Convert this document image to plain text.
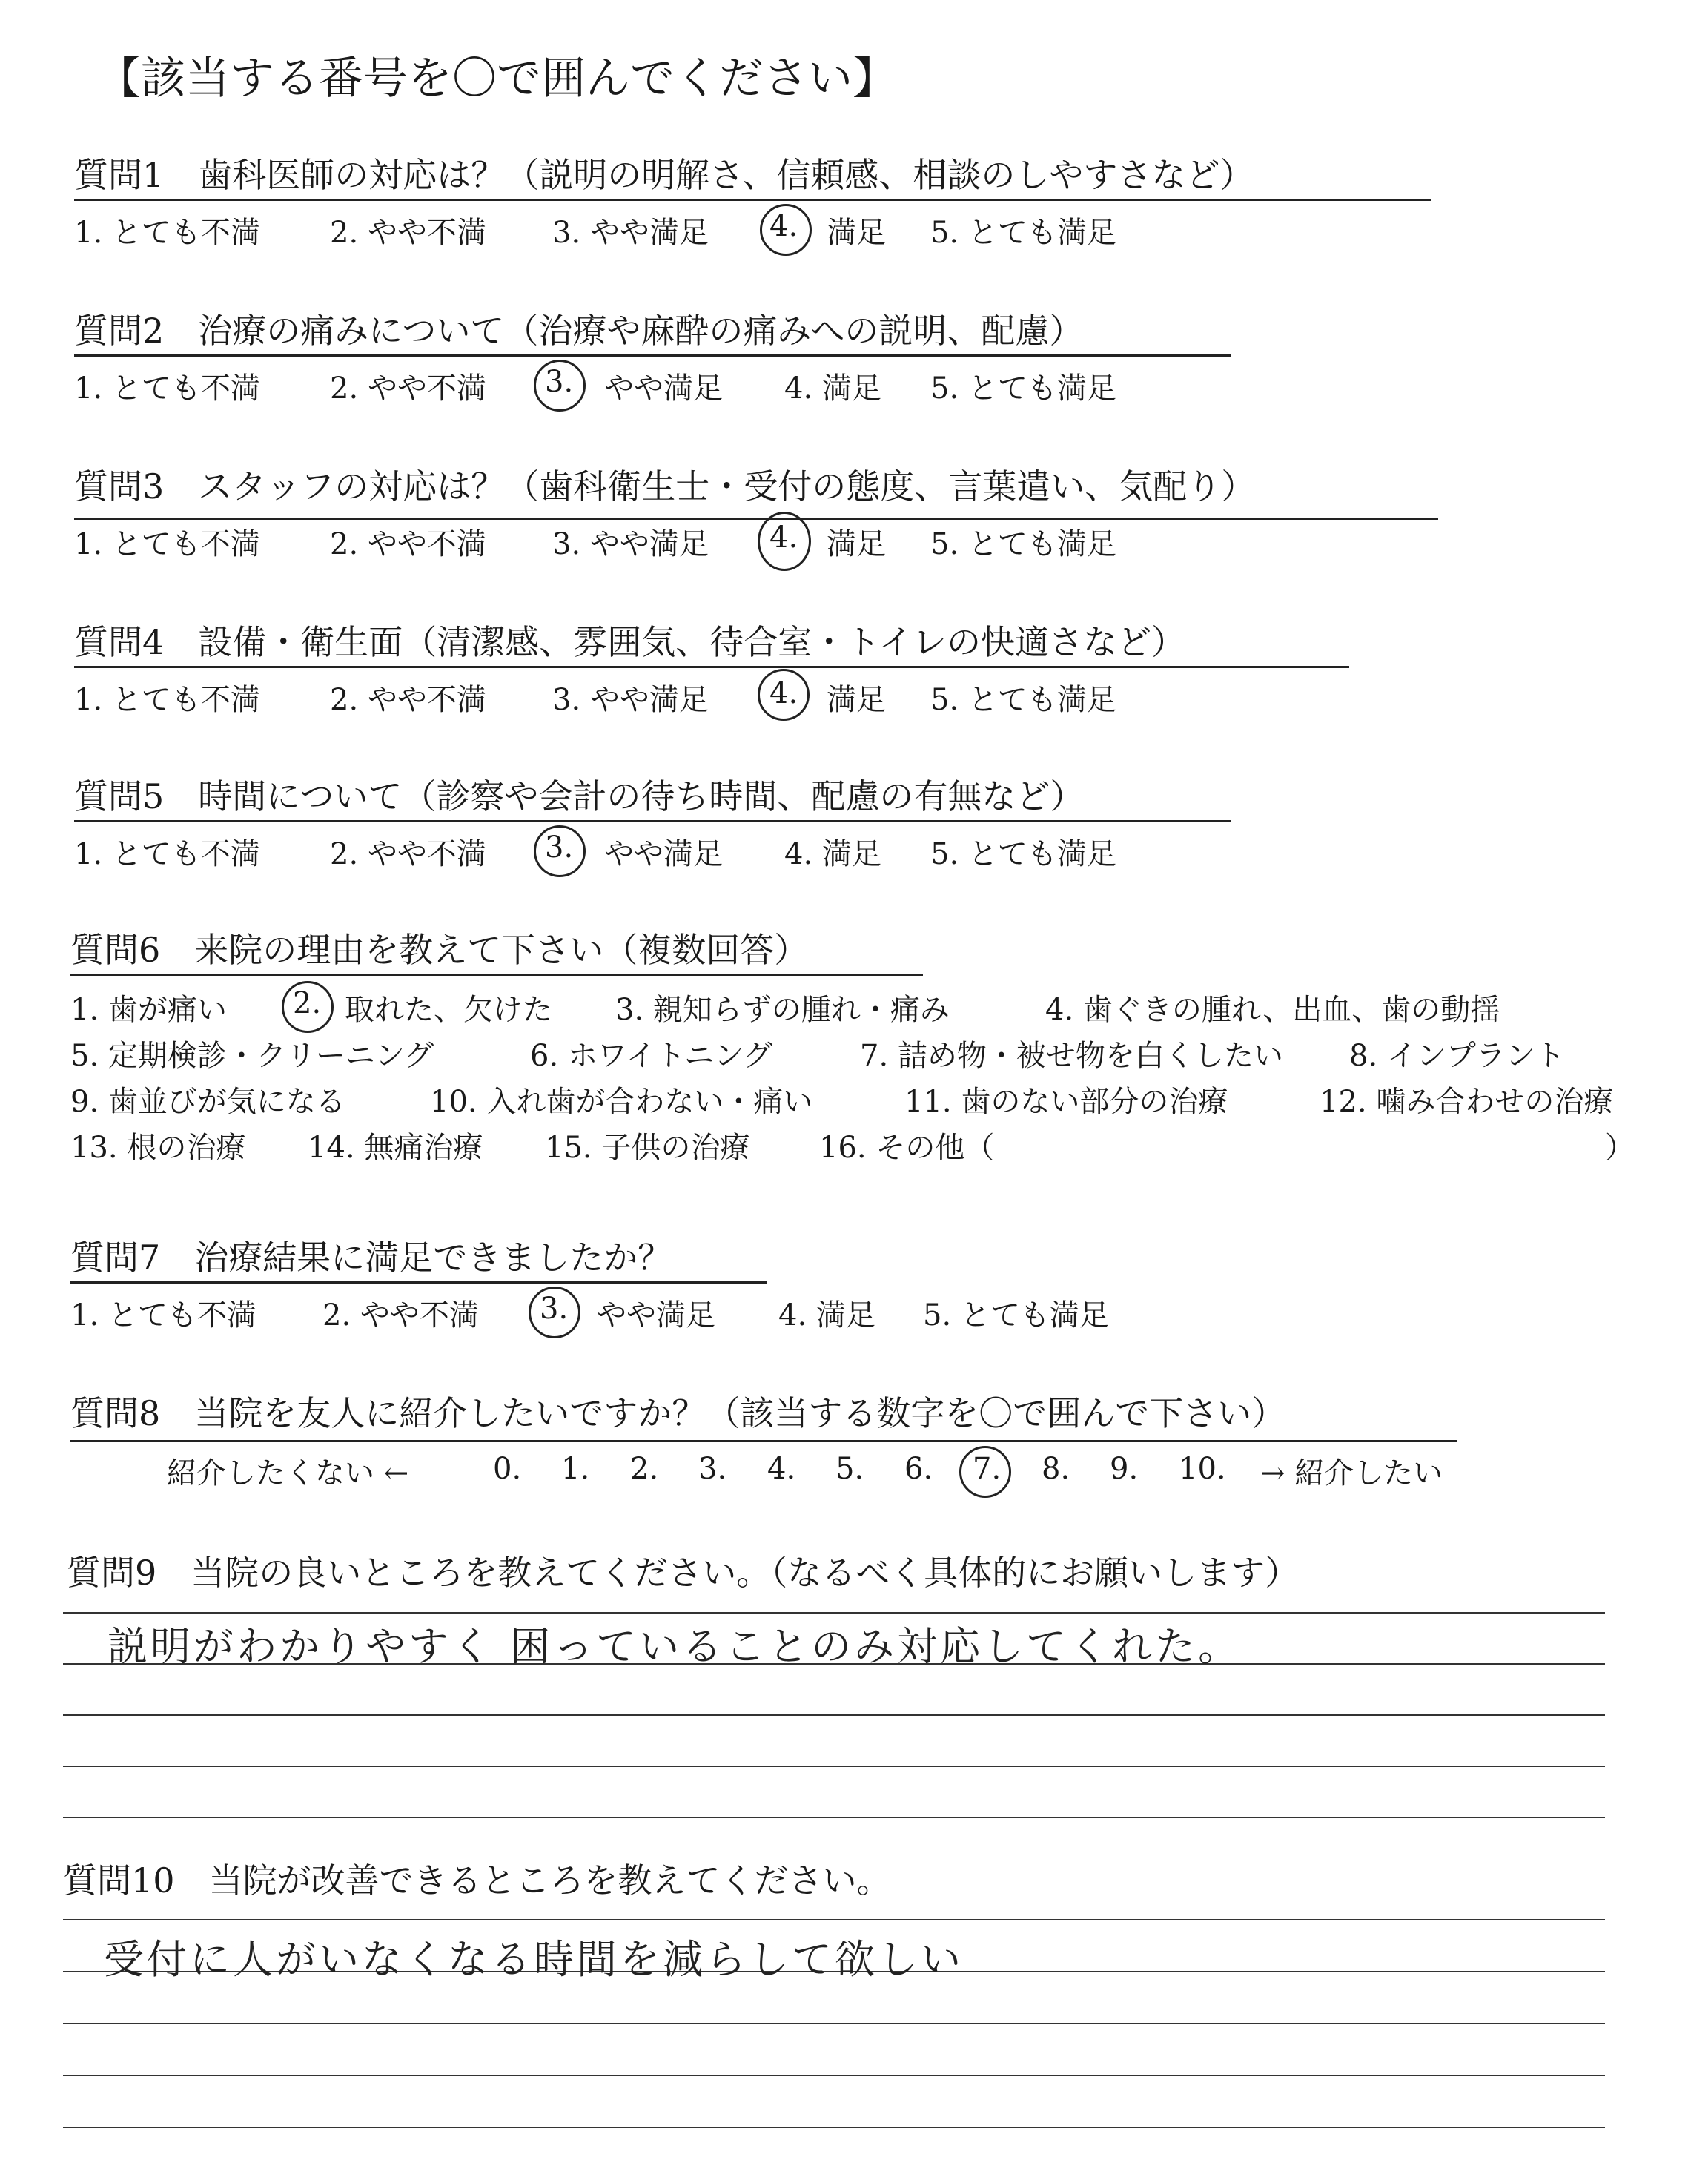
【該当する番号を〇で囲んでください】
質問1　歯科医師の対応は？（説明の明解さ、信頼感、相談のしやすさなど）
1. とても不満 2. やや不満 3. やや満足 4. 満足 5. とても満足
質問2　治療の痛みについて（治療や麻酔の痛みへの説明、配慮）
1. とても不満 2. やや不満 3. やや満足 4. 満足 5. とても満足
質問3　スタッフの対応は？（歯科衛生士・受付の態度、言葉遣い、気配り）
1. とても不満 2. やや不満 3. やや満足 4. 満足 5. とても満足
質問4　設備・衛生面（清潔感、雰囲気、待合室・トイレの快適さなど）
1. とても不満 2. やや不満 3. やや満足 4. 満足 5. とても満足
質問5　時間について（診察や会計の待ち時間、配慮の有無など）
1. とても不満 2. やや不満 3. やや満足 4. 満足 5. とても満足
質問6　来院の理由を教えて下さい（複数回答）
1. 歯が痛い 2. 取れた、欠けた 3. 親知らずの腫れ・痛み	4. 歯ぐきの腫れ、出血、歯の動揺
5. 定期検診・クリーニング	6. ホワイトニング	7. 詰め物・被せ物を白くしたい 8. インプラント
9. 歯並びが気になる	10. 入れ歯が合わない・痛い	11. 歯のない部分の治療	12. 噛み合わせの治療
13. 根の治療 14. 無痛治療 15. 子供の治療 16. その他（	）
質問7　治療結果に満足できましたか？
1. とても不満 2. やや不満 3. やや満足 4. 満足 5. とても満足
質問8　当院を友人に紹介したいですか？（該当する数字を〇で囲んで下さい）
紹介したくない ←	0. 1. 2. 3. 4. 5. 6. 7. 8. 9. 10. → 紹介したい
質問9　当院の良いところを教えてください。（なるべく具体的にお願いします）
説明がわかりやすく 困っていることのみ対応してくれた。
質問10　当院が改善できるところを教えてください。
受付に人がいなくなる時間を減らして欲しい
